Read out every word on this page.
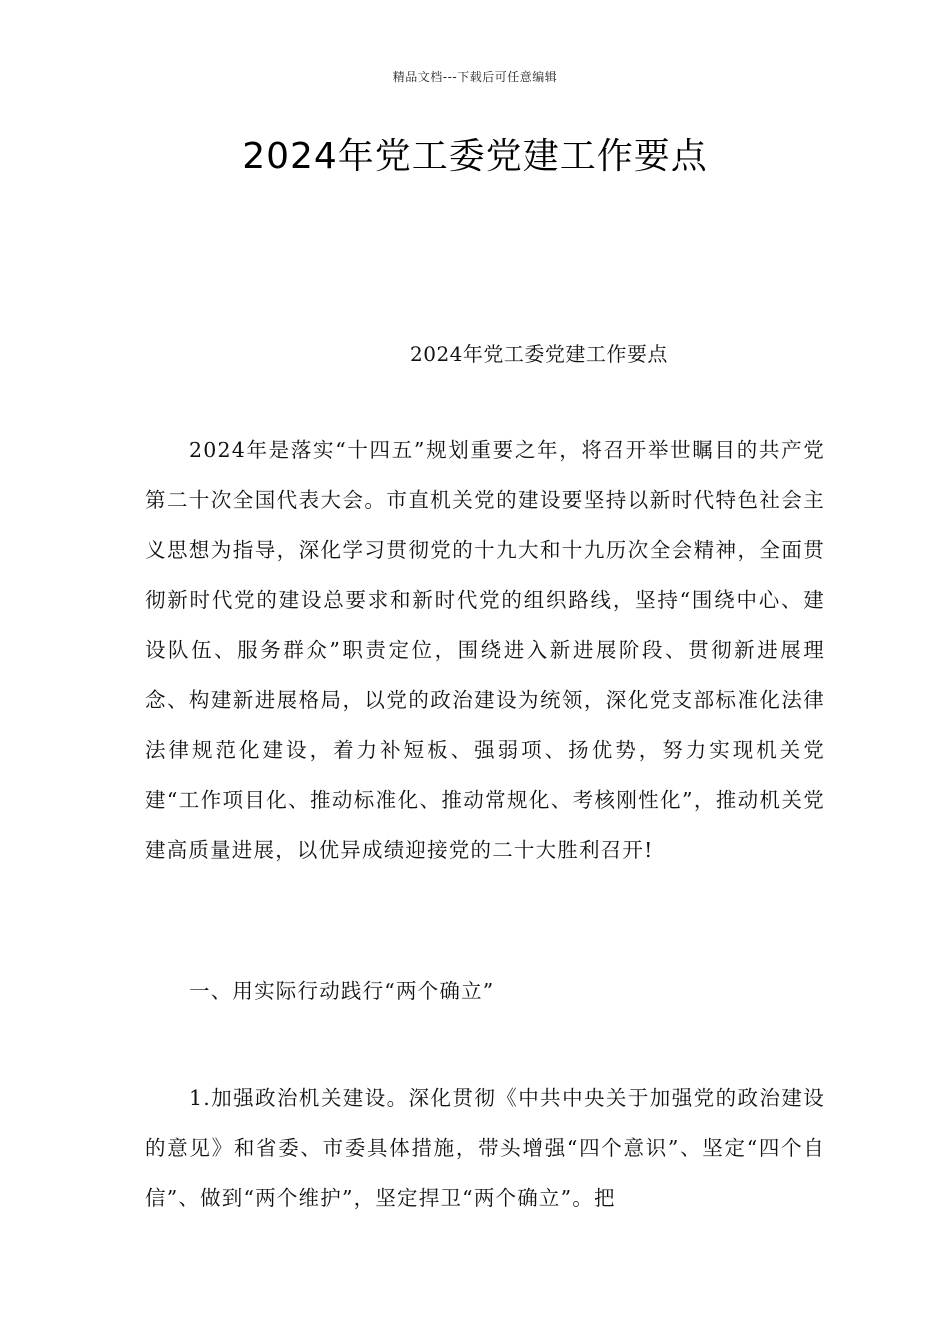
精品文档---下载后可任意编辑
2024年党工委党建工作要点
2024年党工委党建工作要点

2024年是落实“十四五”规划重要之年，将召开举世瞩目的共产党第二十次全国代表大会。市直机关党的建设要坚持以新时代特色社会主义思想为指导，深化学习贯彻党的十九大和十九历次全会精神，全面贯彻新时代党的建设总要求和新时代党的组织路线，坚持“围绕中心、建设队伍、服务群众”职责定位，围绕进入新进展阶段、贯彻新进展理念、构建新进展格局，以党的政治建设为统领，深化党支部标准化法律法律规范化建设，着力补短板、强弱项、扬优势，努力实现机关党建“工作项目化、推动标准化、推动常规化、考核刚性化”，推动机关党建高质量进展，以优异成绩迎接党的二十大胜利召开!

一、用实际行动践行“两个确立”

1.加强政治机关建设。深化贯彻《中共中央关于加强党的政治建设的意见》和省委、市委具体措施，带头增强“四个意识”、坚定“四个自信”、做到“两个维护”，坚定捍卫“两个确立”。把
